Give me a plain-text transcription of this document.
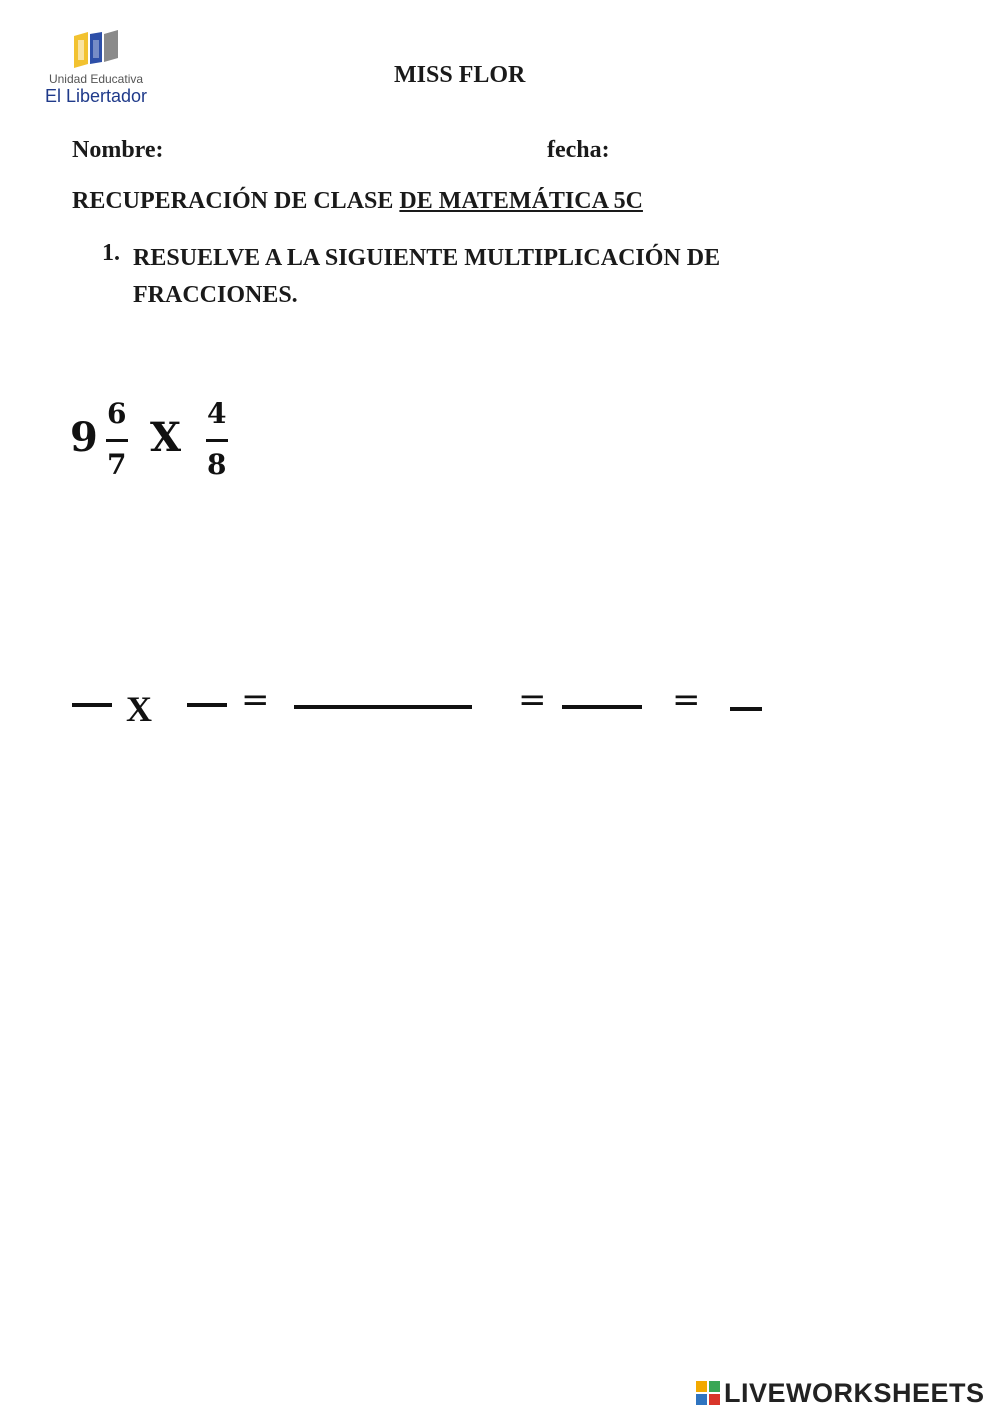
Unidad Educativa
El Libertador
MISS FLOR
Nombre:	fecha:
RECUPERACIÓN DE CLASE DE MATEMÁTICA 5C
1. RESUELVE A LA SIGUIENTE MULTIPLICACIÓN DE FRACCIONES.
9
6
7
X
4
8
X	=	=	=
LIVEWORKSHEETS
